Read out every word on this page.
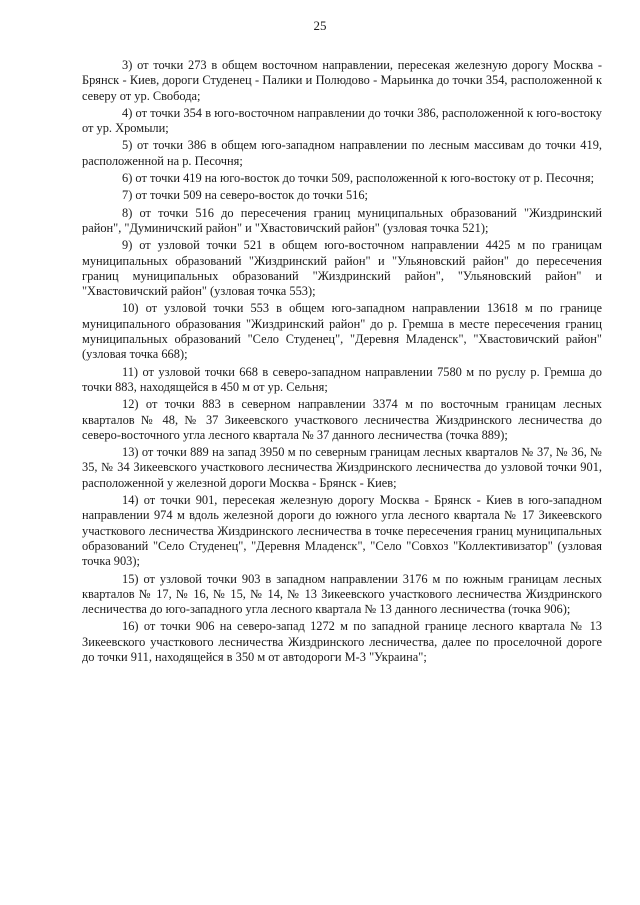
25

3) от точки 273 в общем восточном направлении, пересекая железную дорогу Москва - Брянск - Киев, дороги Студенец - Палики и Полюдово - Марьинка до точки 354, расположенной к северу от ур. Свобода;

4) от точки 354 в юго-восточном направлении до точки 386, расположенной к юго-востоку от ур. Хромыли;

5) от точки 386 в общем юго-западном направлении по лесным массивам до точки 419, расположенной на р. Песочня;

6) от точки 419 на юго-восток до точки 509, расположенной к юго-востоку от р. Песочня;

7) от точки 509 на северо-восток до точки 516;

8) от точки 516 до пересечения границ муниципальных образований "Жиздринский район", "Думиничский район" и "Хвастовичский район" (узловая точка 521);

9) от узловой точки 521 в общем юго-восточном направлении 4425 м по границам муниципальных образований "Жиздринский район" и "Ульяновский район" до пересечения границ муниципальных образований "Жиздринский район", "Ульяновский район" и "Хвастовичский район" (узловая точка 553);

10) от узловой точки 553 в общем юго-западном направлении 13618 м по границе муниципального образования "Жиздринский район" до р. Гремша в месте пересечения границ муниципальных образований "Село Студенец", "Деревня Младенск", "Хвастовичский район" (узловая точка 668);

11) от узловой точки 668 в северо-западном направлении 7580 м по руслу р. Гремша до точки 883, находящейся в 450 м от ур. Сельня;

12) от точки 883 в северном направлении 3374 м по восточным границам лесных кварталов № 48, № 37 Зикеевского участкового лесничества Жиздринского лесничества до северо-восточного угла лесного квартала № 37 данного лесничества (точка 889);

13) от точки 889 на запад 3950 м по северным границам лесных кварталов № 37, № 36, № 35, № 34 Зикеевского участкового лесничества Жиздринского лесничества до узловой точки 901, расположенной у железной дороги Москва - Брянск - Киев;

14) от точки 901, пересекая железную дорогу Москва - Брянск - Киев в юго-западном направлении 974 м вдоль железной дороги до южного угла лесного квартала № 17 Зикеевского участкового лесничества Жиздринского лесничества в точке пересечения границ муниципальных образований "Село Студенец", "Деревня Младенск", "Село "Совхоз "Коллективизатор" (узловая точка 903);

15) от узловой точки 903 в западном направлении 3176 м по южным границам лесных кварталов № 17, № 16, № 15, № 14, № 13 Зикеевского участкового лесничества Жиздринского лесничества до юго-западного угла лесного квартала № 13 данного лесничества (точка 906);

16) от точки 906 на северо-запад 1272 м по западной границе лесного квартала № 13 Зикеевского участкового лесничества Жиздринского лесничества, далее по проселочной дороге до точки 911, находящейся в 350 м от автодороги М-3 "Украина";
